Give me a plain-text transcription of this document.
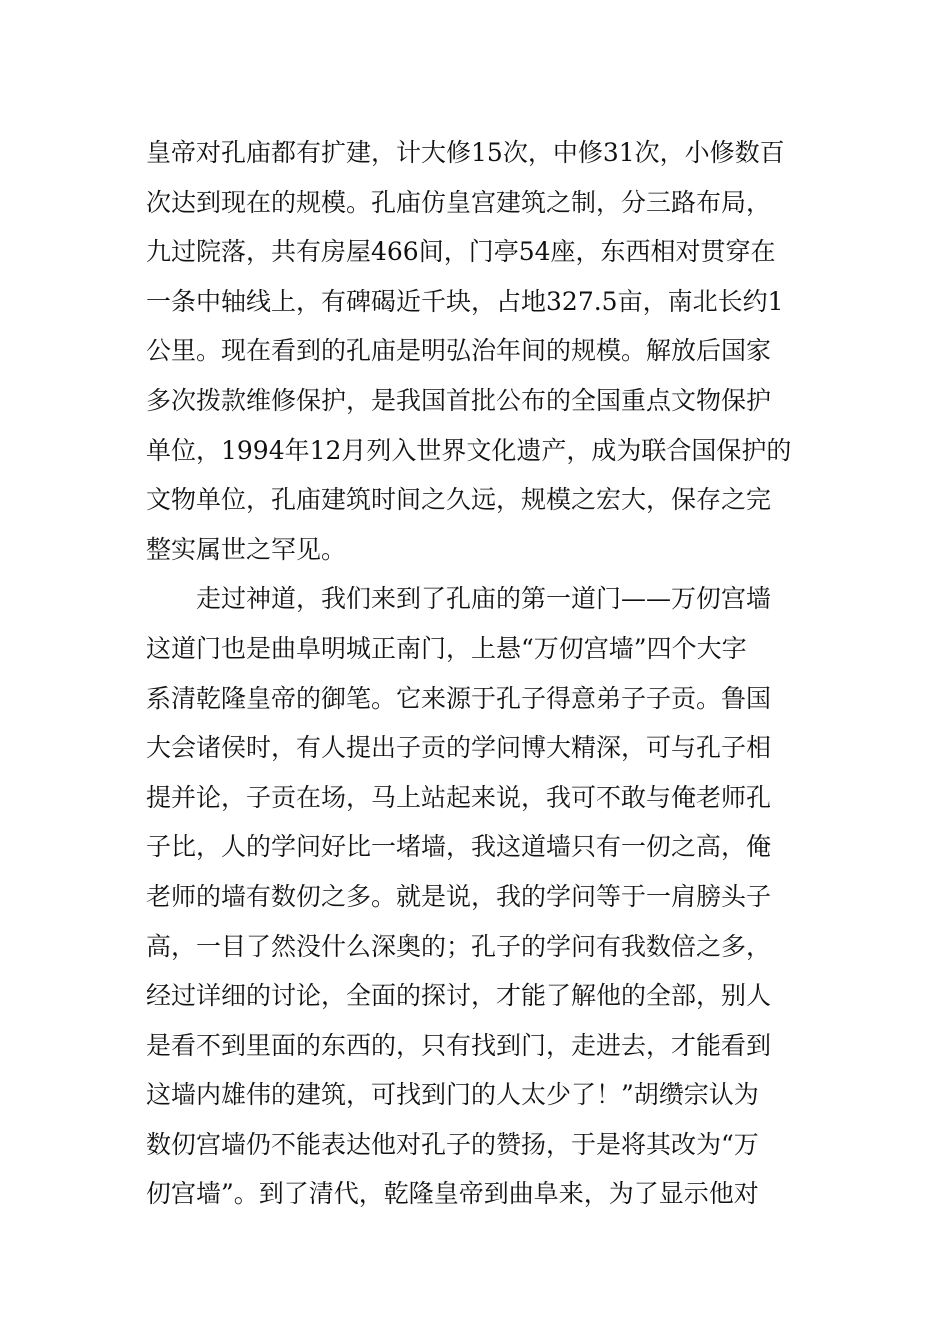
皇帝对孔庙都有扩建，计大修15次，中修31次，小修数百
次达到现在的规模。孔庙仿皇宫建筑之制，分三路布局，
九过院落，共有房屋466间，门亭54座，东西相对贯穿在
一条中轴线上，有碑碣近千块，占地327.5亩，南北长约1
公里。现在看到的孔庙是明弘治年间的规模。解放后国家
多次拨款维修保护，是我国首批公布的全国重点文物保护
单位，1994年12月列入世界文化遗产，成为联合国保护的
文物单位，孔庙建筑时间之久远，规模之宏大，保存之完
整实属世之罕见。
走过神道，我们来到了孔庙的第一道门——万仞宫墙
这道门也是曲阜明城正南门，上悬“万仞宫墙”四个大字
系清乾隆皇帝的御笔。它来源于孔子得意弟子子贡。鲁国
大会诸侯时，有人提出子贡的学问博大精深，可与孔子相
提并论，子贡在场，马上站起来说，我可不敢与俺老师孔
子比，人的学问好比一堵墙，我这道墙只有一仞之高，俺
老师的墙有数仞之多。就是说，我的学问等于一肩膀头子
高，一目了然没什么深奥的；孔子的学问有我数倍之多，
经过详细的讨论，全面的探讨，才能了解他的全部，别人
是看不到里面的东西的，只有找到门，走进去，才能看到
这墙内雄伟的建筑，可找到门的人太少了！”胡缵宗认为
数仞宫墙仍不能表达他对孔子的赞扬，于是将其改为“万
仞宫墙”。到了清代，乾隆皇帝到曲阜来，为了显示他对
